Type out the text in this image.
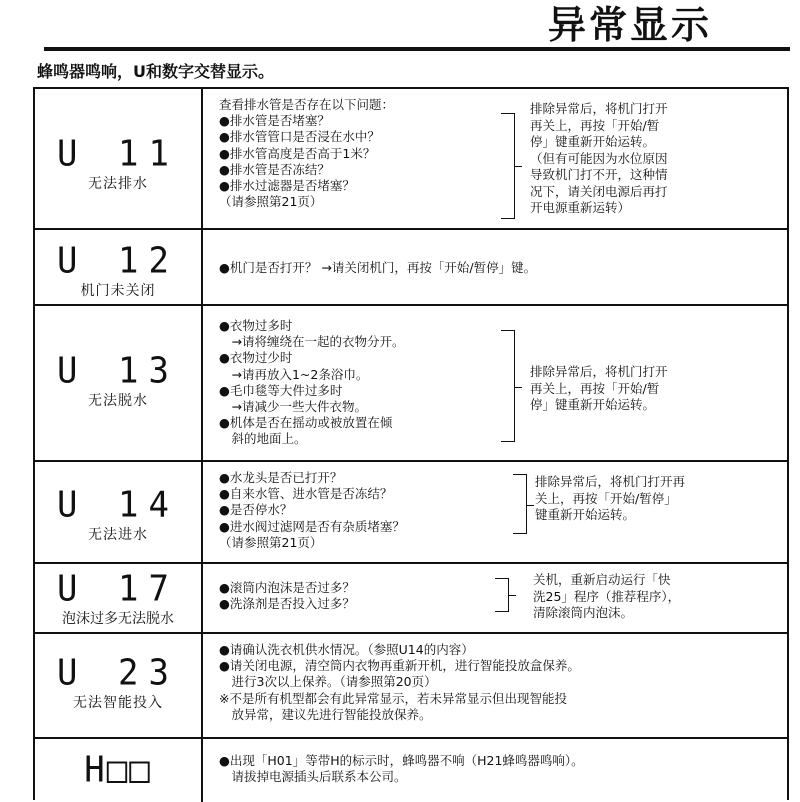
异常显示
蜂鸣器鸣响，U和数字交替显示。
U 11
无法排水
查看排水管是否存在以下问题：
●排水管是否堵塞？
●排水管管口是否浸在水中？
●排水管高度是否高于1米？
●排水管是否冻结？
●排水过滤器是否堵塞？
（请参照第21页）
排除异常后，将机门打开
再关上，再按「开始/暂
停」键重新开始运转。
（但有可能因为水位原因
导致机门打不开，这种情
况下，请关闭电源后再打
开电源重新运转）
U 12
机门未关闭
●机门是否打开？ →请关闭机门，再按「开始/暂停」键。
U 13
无法脱水
●衣物过多时
　→请将缠绕在一起的衣物分开。
●衣物过少时
　→请再放入1~2条浴巾。
●毛巾毯等大件过多时
　→请减少一些大件衣物。
●机体是否在摇动或被放置在倾
　斜的地面上。
排除异常后，将机门打开
再关上，再按「开始/暂
停」键重新开始运转。
U 14
无法进水
●水龙头是否已打开？
●自来水管、进水管是否冻结？
●是否停水？
●进水阀过滤网是否有杂质堵塞？
（请参照第21页）
排除异常后，将机门打开再
关上，再按「开始/暂停」
键重新开始运转。
U 17
泡沫过多无法脱水
●滚筒内泡沫是否过多？
●洗涤剂是否投入过多？
关机，重新启动运行「快
洗25」程序（推荐程序），
清除滚筒内泡沫。
U 23
无法智能投入
●请确认洗衣机供水情况。（参照U14的内容）
●请关闭电源，清空筒内衣物再重新开机，进行智能投放盒保养。
　进行3次以上保养。（请参照第20页）
※不是所有机型都会有此异常显示，若未异常显示但出现智能投
　放异常，建议先进行智能投放保养。
H□□	●出现「H01」等带H的标示时，蜂鸣器不响（H21蜂鸣器鸣响）。
　请拔掉电源插头后联系本公司。
